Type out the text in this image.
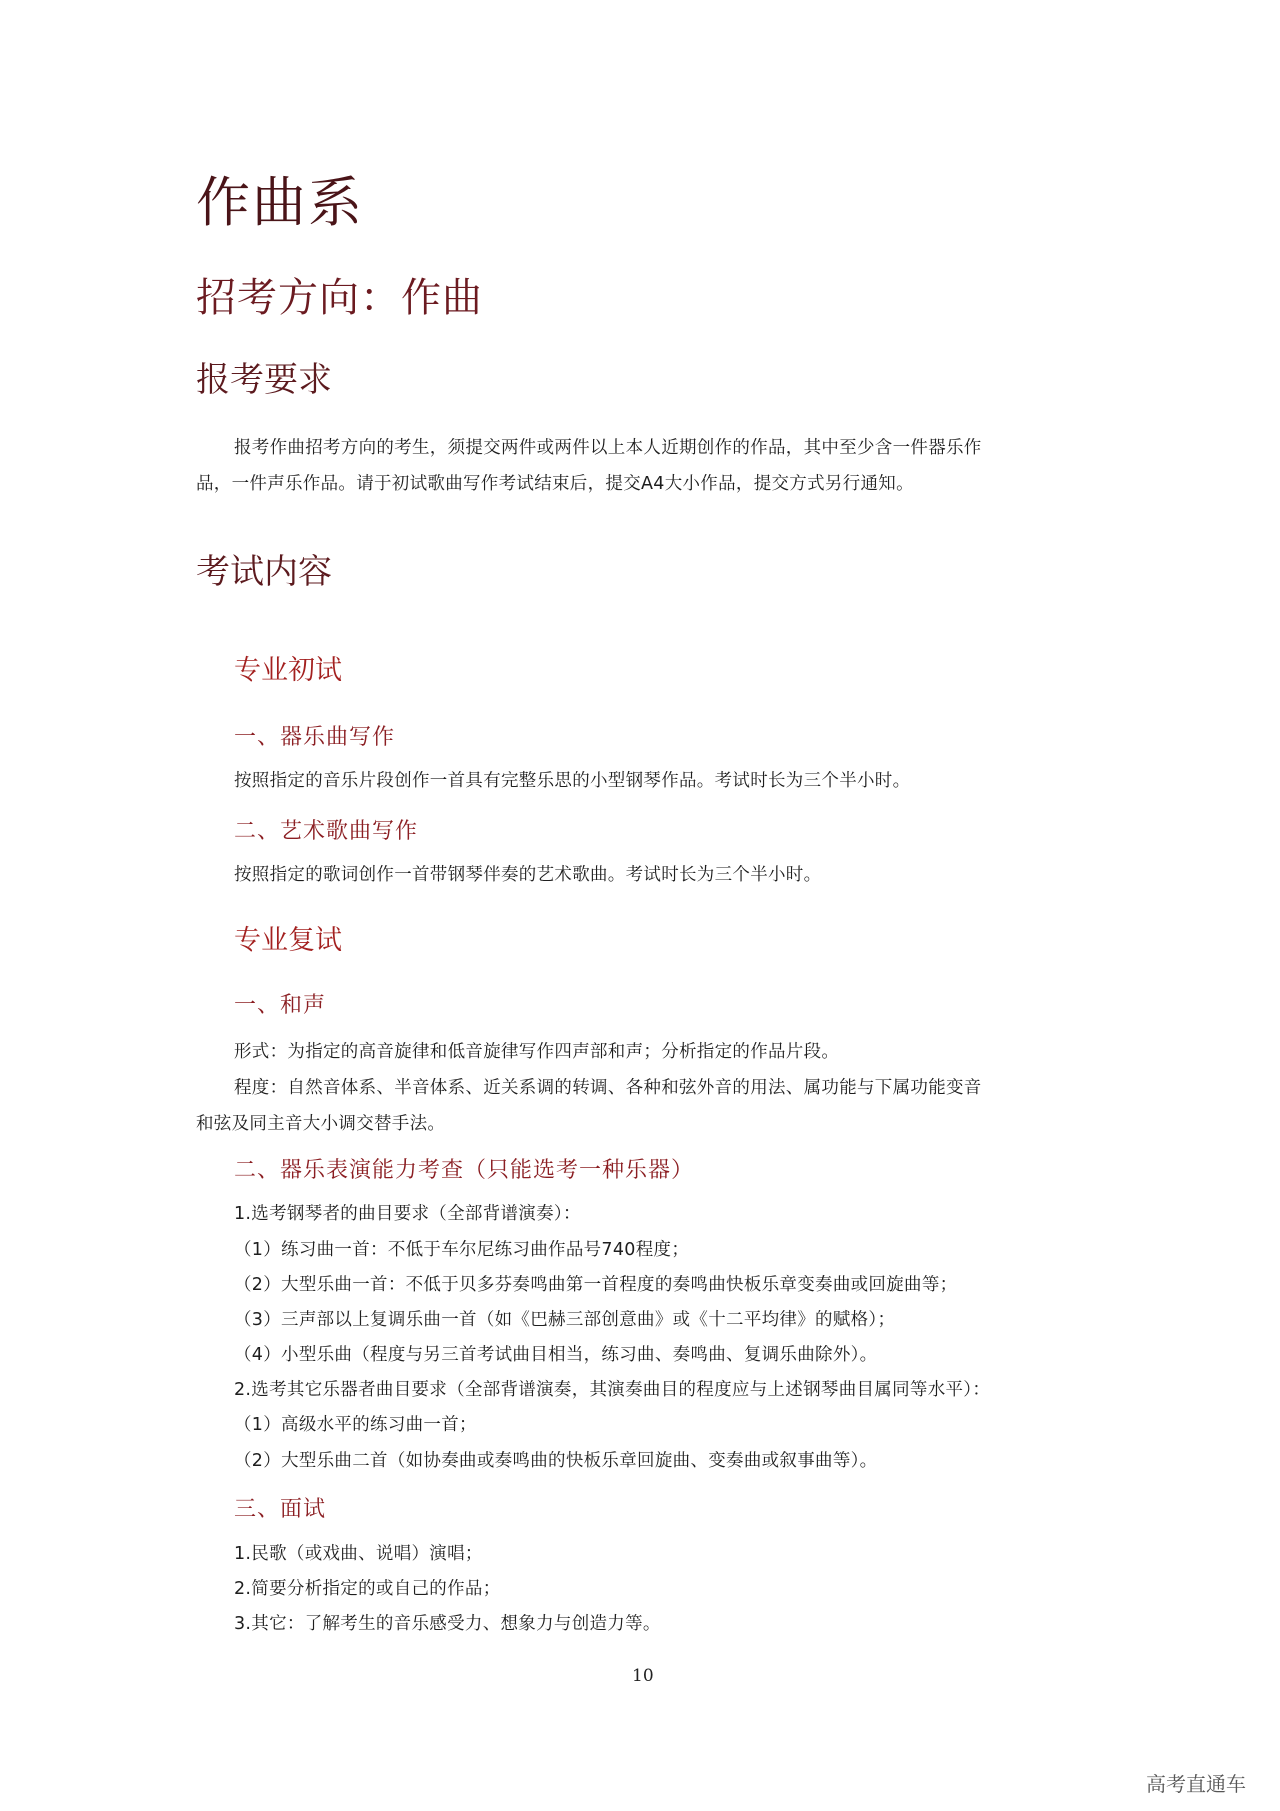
作曲系
招考方向：作曲
报考要求
报考作曲招考方向的考生，须提交两件或两件以上本人近期创作的作品，其中至少含一件器乐作
品，一件声乐作品。请于初试歌曲写作考试结束后，提交A4大小作品，提交方式另行通知。
考试内容
专业初试
一、器乐曲写作
按照指定的音乐片段创作一首具有完整乐思的小型钢琴作品。考试时长为三个半小时。
二、艺术歌曲写作
按照指定的歌词创作一首带钢琴伴奏的艺术歌曲。考试时长为三个半小时。
专业复试
一、和声
形式：为指定的高音旋律和低音旋律写作四声部和声；分析指定的作品片段。
程度：自然音体系、半音体系、近关系调的转调、各种和弦外音的用法、属功能与下属功能变音
和弦及同主音大小调交替手法。
二、器乐表演能力考查（只能选考一种乐器）
1.选考钢琴者的曲目要求（全部背谱演奏）：
（1）练习曲一首：不低于车尔尼练习曲作品号740程度；
（2）大型乐曲一首：不低于贝多芬奏鸣曲第一首程度的奏鸣曲快板乐章变奏曲或回旋曲等；
（3）三声部以上复调乐曲一首（如《巴赫三部创意曲》或《十二平均律》的赋格）；
（4）小型乐曲（程度与另三首考试曲目相当，练习曲、奏鸣曲、复调乐曲除外）。
2.选考其它乐器者曲目要求（全部背谱演奏，其演奏曲目的程度应与上述钢琴曲目属同等水平）：
（1）高级水平的练习曲一首；
（2）大型乐曲二首（如协奏曲或奏鸣曲的快板乐章回旋曲、变奏曲或叙事曲等）。
三、面试
1.民歌（或戏曲、说唱）演唱；
2.简要分析指定的或自己的作品；
3.其它：了解考生的音乐感受力、想象力与创造力等。
10
高考直通车
